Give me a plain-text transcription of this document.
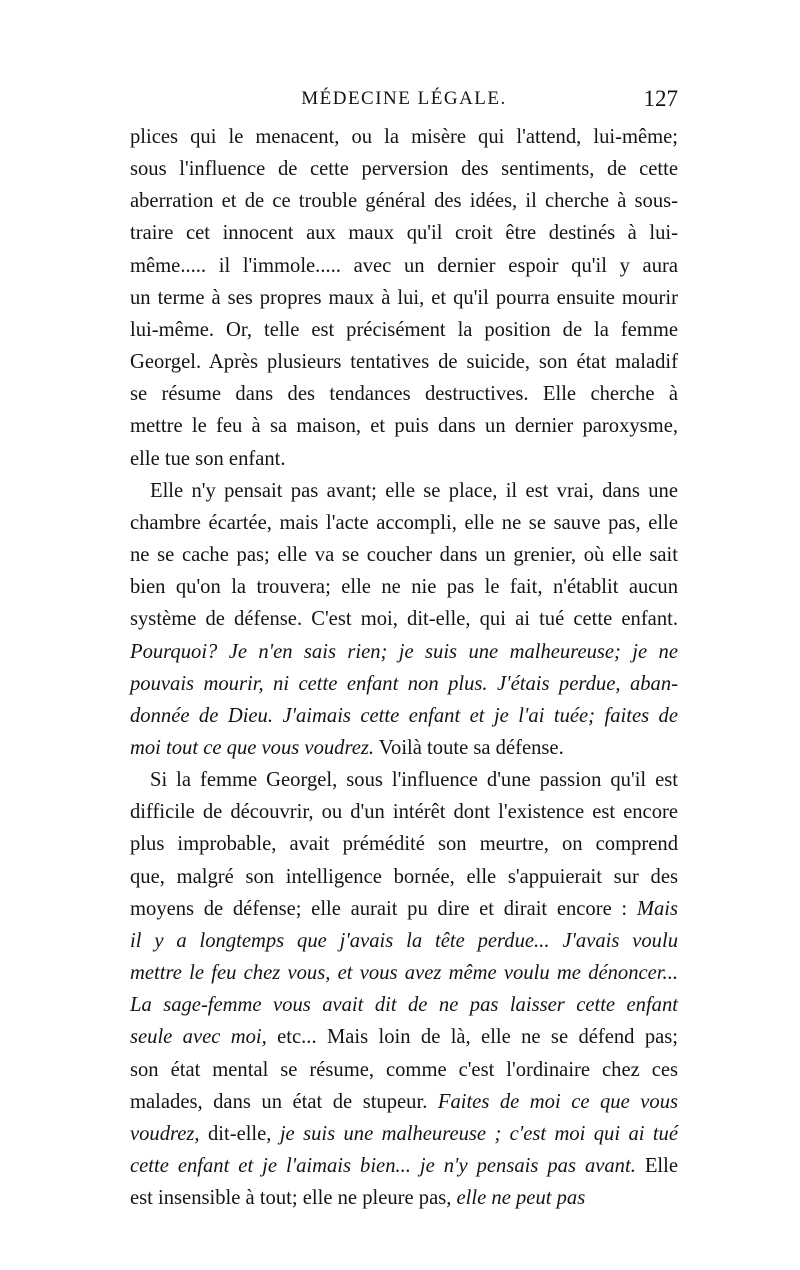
MÉDECINE LÉGALE.	127

plices qui le menacent, ou la misère qui l'attend, lui-même;
sous l'influence de cette perversion des sentiments, de cette
aberration et de ce trouble général des idées, il cherche à sous-
traire cet innocent aux maux qu'il croit être destinés à lui-
même..... il l'immole..... avec un dernier espoir qu'il y aura
un terme à ses propres maux à lui, et qu'il pourra ensuite mourir
lui-même. Or, telle est précisément la position de la femme
Georgel. Après plusieurs tentatives de suicide, son état maladif
se résume dans des tendances destructives. Elle cherche à
mettre le feu à sa maison, et puis dans un dernier paroxysme,
elle tue son enfant.

Elle n'y pensait pas avant; elle se place, il est vrai, dans une
chambre écartée, mais l'acte accompli, elle ne se sauve pas, elle
ne se cache pas; elle va se coucher dans un grenier, où elle sait
bien qu'on la trouvera; elle ne nie pas le fait, n'établit aucun
système de défense. C'est moi, dit-elle, qui ai tué cette enfant.
Pourquoi? Je n'en sais rien; je suis une malheureuse; je ne
pouvais mourir, ni cette enfant non plus. J'étais perdue, aban-
donnée de Dieu. J'aimais cette enfant et je l'ai tuée; faites de
moi tout ce que vous voudrez. Voilà toute sa défense.

Si la femme Georgel, sous l'influence d'une passion qu'il est
difficile de découvrir, ou d'un intérêt dont l'existence est encore
plus improbable, avait prémédité son meurtre, on comprend
que, malgré son intelligence bornée, elle s'appuierait sur des
moyens de défense; elle aurait pu dire et dirait encore : Mais
il y a longtemps que j'avais la tête perdue... J'avais voulu
mettre le feu chez vous, et vous avez même voulu me dénoncer...
La sage-femme vous avait dit de ne pas laisser cette enfant
seule avec moi, etc... Mais loin de là, elle ne se défend pas;
son état mental se résume, comme c'est l'ordinaire chez ces
malades, dans un état de stupeur. Faites de moi ce que vous
voudrez, dit-elle, je suis une malheureuse ; c'est moi qui ai tué
cette enfant et je l'aimais bien... je n'y pensais pas avant. Elle
est insensible à tout; elle ne pleure pas, elle ne peut pas
